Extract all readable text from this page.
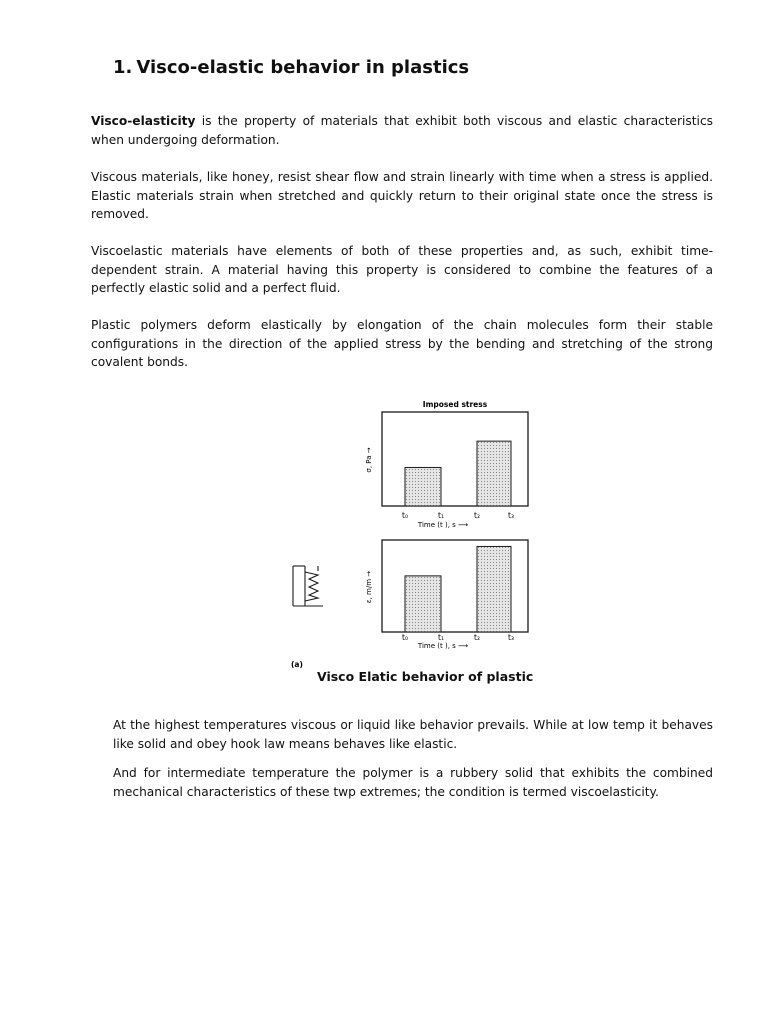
1. Visco-elastic behavior in plastics

Visco-elasticity is the property of materials that exhibit both viscous and elastic characteristics when undergoing deformation.

Viscous materials, like honey, resist shear flow and strain linearly with time when a stress is applied. Elastic materials strain when stretched and quickly return to their original state once the stress is removed.

Viscoelastic materials have elements of both of these properties and, as such, exhibit time-dependent strain. A material having this property is considered to combine the features of a perfectly elastic solid and a perfect fluid.

Plastic polymers deform elastically by elongation of the chain molecules form their stable configurations in the direction of the applied stress by the bending and stretching of the strong covalent bonds.

Imposed stress
σ, Pa →
t₀	t₁	t₂	t₃
Time (t ), s ⟶
ε, m/m →
t₀	t₁	t₂	t₃
Time (t ), s ⟶
(a)

Visco Elatic behavior of plastic

At the highest temperatures viscous or liquid like behavior prevails. While at low temp it behaves like solid and obey hook law means behaves like elastic.

And for intermediate temperature the polymer is a rubbery solid that exhibits the combined mechanical characteristics of these twp extremes; the condition is termed viscoelasticity.
